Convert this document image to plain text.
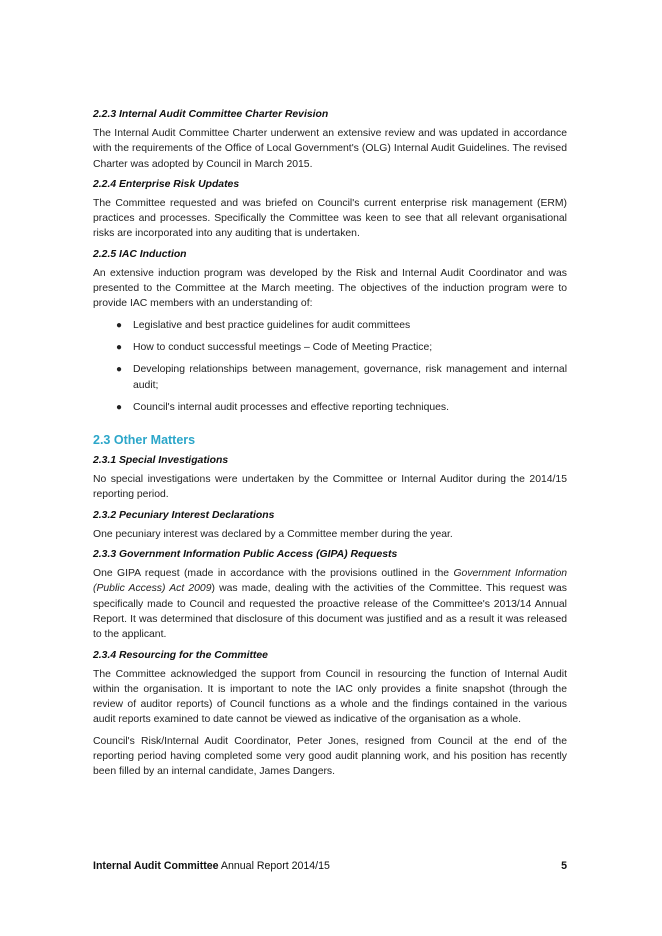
2.2.3 Internal Audit Committee Charter Revision

The Internal Audit Committee Charter underwent an extensive review and was updated in accordance with the requirements of the Office of Local Government's (OLG) Internal Audit Guidelines. The revised Charter was adopted by Council in March 2015.

2.2.4 Enterprise Risk Updates

The Committee requested and was briefed on Council's current enterprise risk management (ERM) practices and processes. Specifically the Committee was keen to see that all relevant organisational risks are incorporated into any auditing that is undertaken.

2.2.5 IAC Induction

An extensive induction program was developed by the Risk and Internal Audit Coordinator and was presented to the Committee at the March meeting. The objectives of the induction program were to provide IAC members with an understanding of:

● Legislative and best practice guidelines for audit committees
● How to conduct successful meetings – Code of Meeting Practice;
● Developing relationships between management, governance, risk management and internal audit;
● Council's internal audit processes and effective reporting techniques.
2.3 Other Matters
2.3.1 Special Investigations

No special investigations were undertaken by the Committee or Internal Auditor during the 2014/15 reporting period.

2.3.2 Pecuniary Interest Declarations

One pecuniary interest was declared by a Committee member during the year.

2.3.3 Government Information Public Access (GIPA) Requests

One GIPA request (made in accordance with the provisions outlined in the Government Information (Public Access) Act 2009) was made, dealing with the activities of the Committee. This request was specifically made to Council and requested the proactive release of the Committee's 2013/14 Annual Report. It was determined that disclosure of this document was justified and as a result it was released to the applicant.

2.3.4 Resourcing for the Committee

The Committee acknowledged the support from Council in resourcing the function of Internal Audit within the organisation. It is important to note the IAC only provides a finite snapshot (through the review of auditor reports) of Council functions as a whole and the findings contained in the various audit reports examined to date cannot be viewed as indicative of the organisation as a whole.

Council's Risk/Internal Audit Coordinator, Peter Jones, resigned from Council at the end of the reporting period having completed some very good audit planning work, and his position has recently been filled by an internal candidate, James Dangers.

Internal Audit Committee Annual Report 2014/15	5
